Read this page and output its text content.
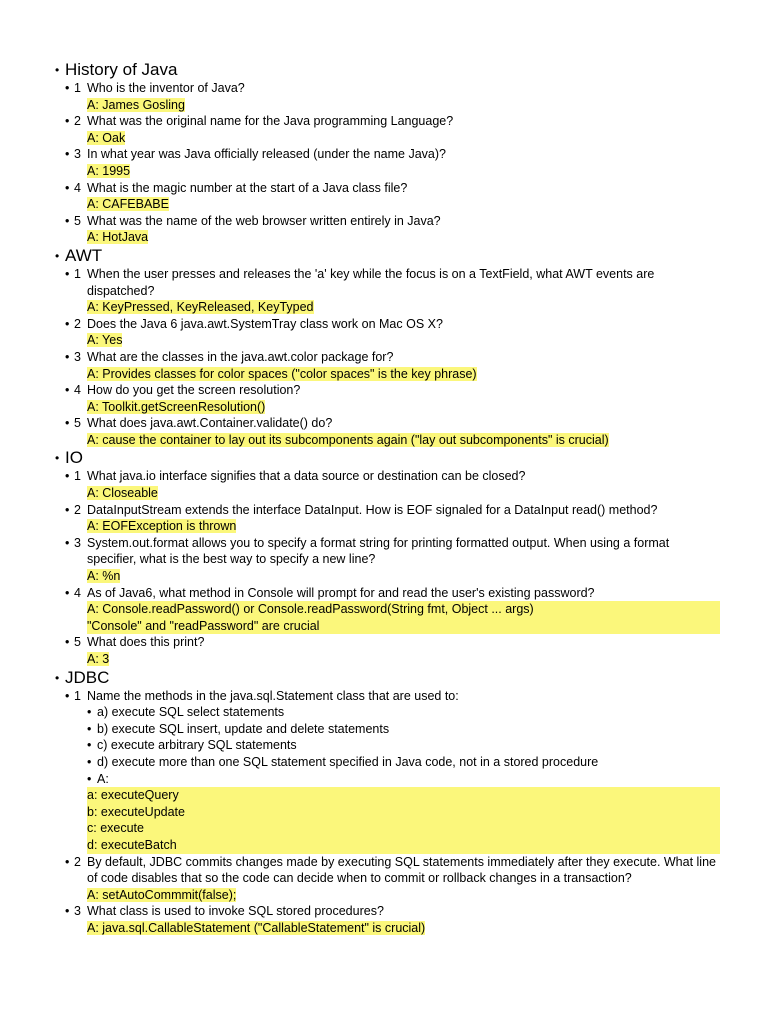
• History of Java
• 1 Who is the inventor of Java?
A: James Gosling
• 2 What was the original name for the Java programming Language?
A: Oak
• 3 In what year was Java officially released (under the name Java)?
A: 1995
• 4 What is the magic number at the start of a Java class file?
A: CAFEBABE
• 5 What was the name of the web browser written entirely in Java?
A: HotJava
• AWT
• 1 When the user presses and releases the 'a' key while the focus is on a TextField, what AWT events are dispatched?
A: KeyPressed, KeyReleased, KeyTyped
• 2 Does the Java 6 java.awt.SystemTray class work on Mac OS X?
A: Yes
• 3 What are the classes in the java.awt.color package for?
A: Provides classes for color spaces ("color spaces" is the key phrase)
• 4 How do you get the screen resolution?
A: Toolkit.getScreenResolution()
• 5 What does java.awt.Container.validate() do?
A: cause the container to lay out its subcomponents again ("lay out subcomponents" is crucial)
• IO
• 1 What java.io interface signifies that a data source or destination can be closed?
A: Closeable
• 2 DataInputStream extends the interface DataInput. How is EOF signaled for a DataInput read() method?
A: EOFException is thrown
• 3 System.out.format allows you to specify a format string for printing formatted output. When using a format specifier, what is the best way to specify a new line?
A: %n
• 4 As of Java6, what method in Console will prompt for and read the user's existing password?
A: Console.readPassword() or Console.readPassword(String fmt, Object ... args)
"Console" and "readPassword" are crucial
• 5 What does this print?
A: 3
• JDBC
• 1 Name the methods in the java.sql.Statement class that are used to:
• a) execute SQL select statements
• b) execute SQL insert, update and delete statements
• c) execute arbitrary SQL statements
• d) execute more than one SQL statement specified in Java code, not in a stored procedure
• A:
a: executeQuery
b: executeUpdate
c: execute
d: executeBatch
• 2 By default, JDBC commits changes made by executing SQL statements immediately after they execute. What line of code disables that so the code can decide when to commit or rollback changes in a transaction?
A: setAutoCommmit(false);
• 3 What class is used to invoke SQL stored procedures?
A: java.sql.CallableStatement ("CallableStatement" is crucial)
